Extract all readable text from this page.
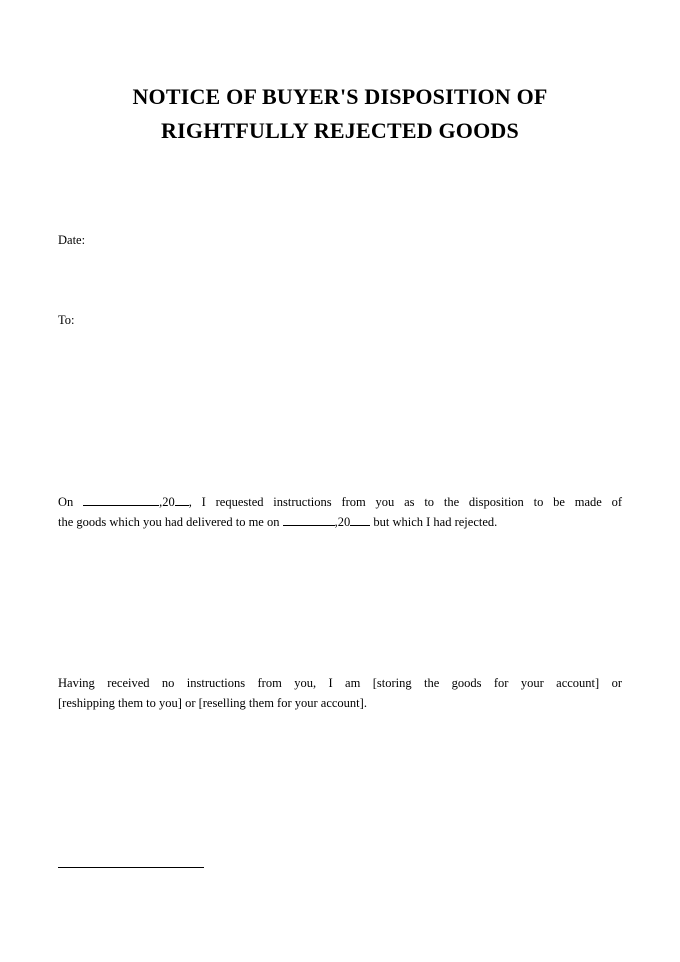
NOTICE OF BUYER'S DISPOSITION OF
RIGHTFULLY REJECTED GOODS
Date:
To:
On	,20 , I requested instructions from you as to the disposition to be made of
the goods which you had delivered to me on	,20 but which I had rejected.
Having received no instructions from you, I am [storing the goods for your account] or
[reshipping them to you] or [reselling them for your account].
